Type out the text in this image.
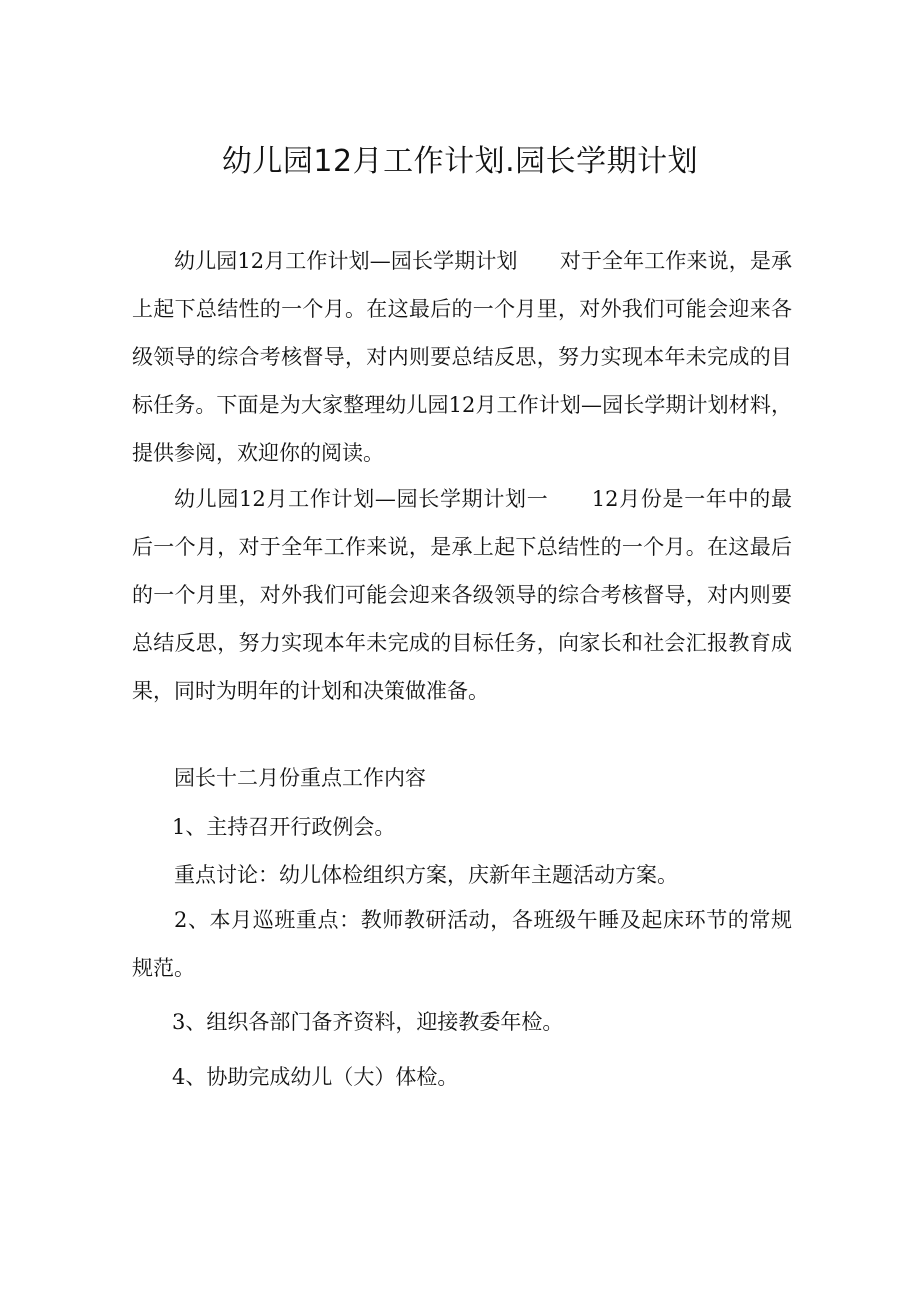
幼儿园12月工作计划.园长学期计划
幼儿园12月工作计划—园长学期计划　　对于全年工作来说，是承上起下总结性的一个月。在这最后的一个月里，对外我们可能会迎来各级领导的综合考核督导，对内则要总结反思，努力实现本年未完成的目标任务。下面是为大家整理幼儿园12月工作计划—园长学期计划材料，提供参阅，欢迎你的阅读。
幼儿园12月工作计划—园长学期计划一　　12月份是一年中的最后一个月，对于全年工作来说，是承上起下总结性的一个月。在这最后的一个月里，对外我们可能会迎来各级领导的综合考核督导，对内则要总结反思，努力实现本年未完成的目标任务，向家长和社会汇报教育成果，同时为明年的计划和决策做准备。
园长十二月份重点工作内容
1、主持召开行政例会。
重点讨论：幼儿体检组织方案，庆新年主题活动方案。
2、本月巡班重点：教师教研活动，各班级午睡及起床环节的常规规范。
3、组织各部门备齐资料，迎接教委年检。
4、协助完成幼儿（大）体检。
